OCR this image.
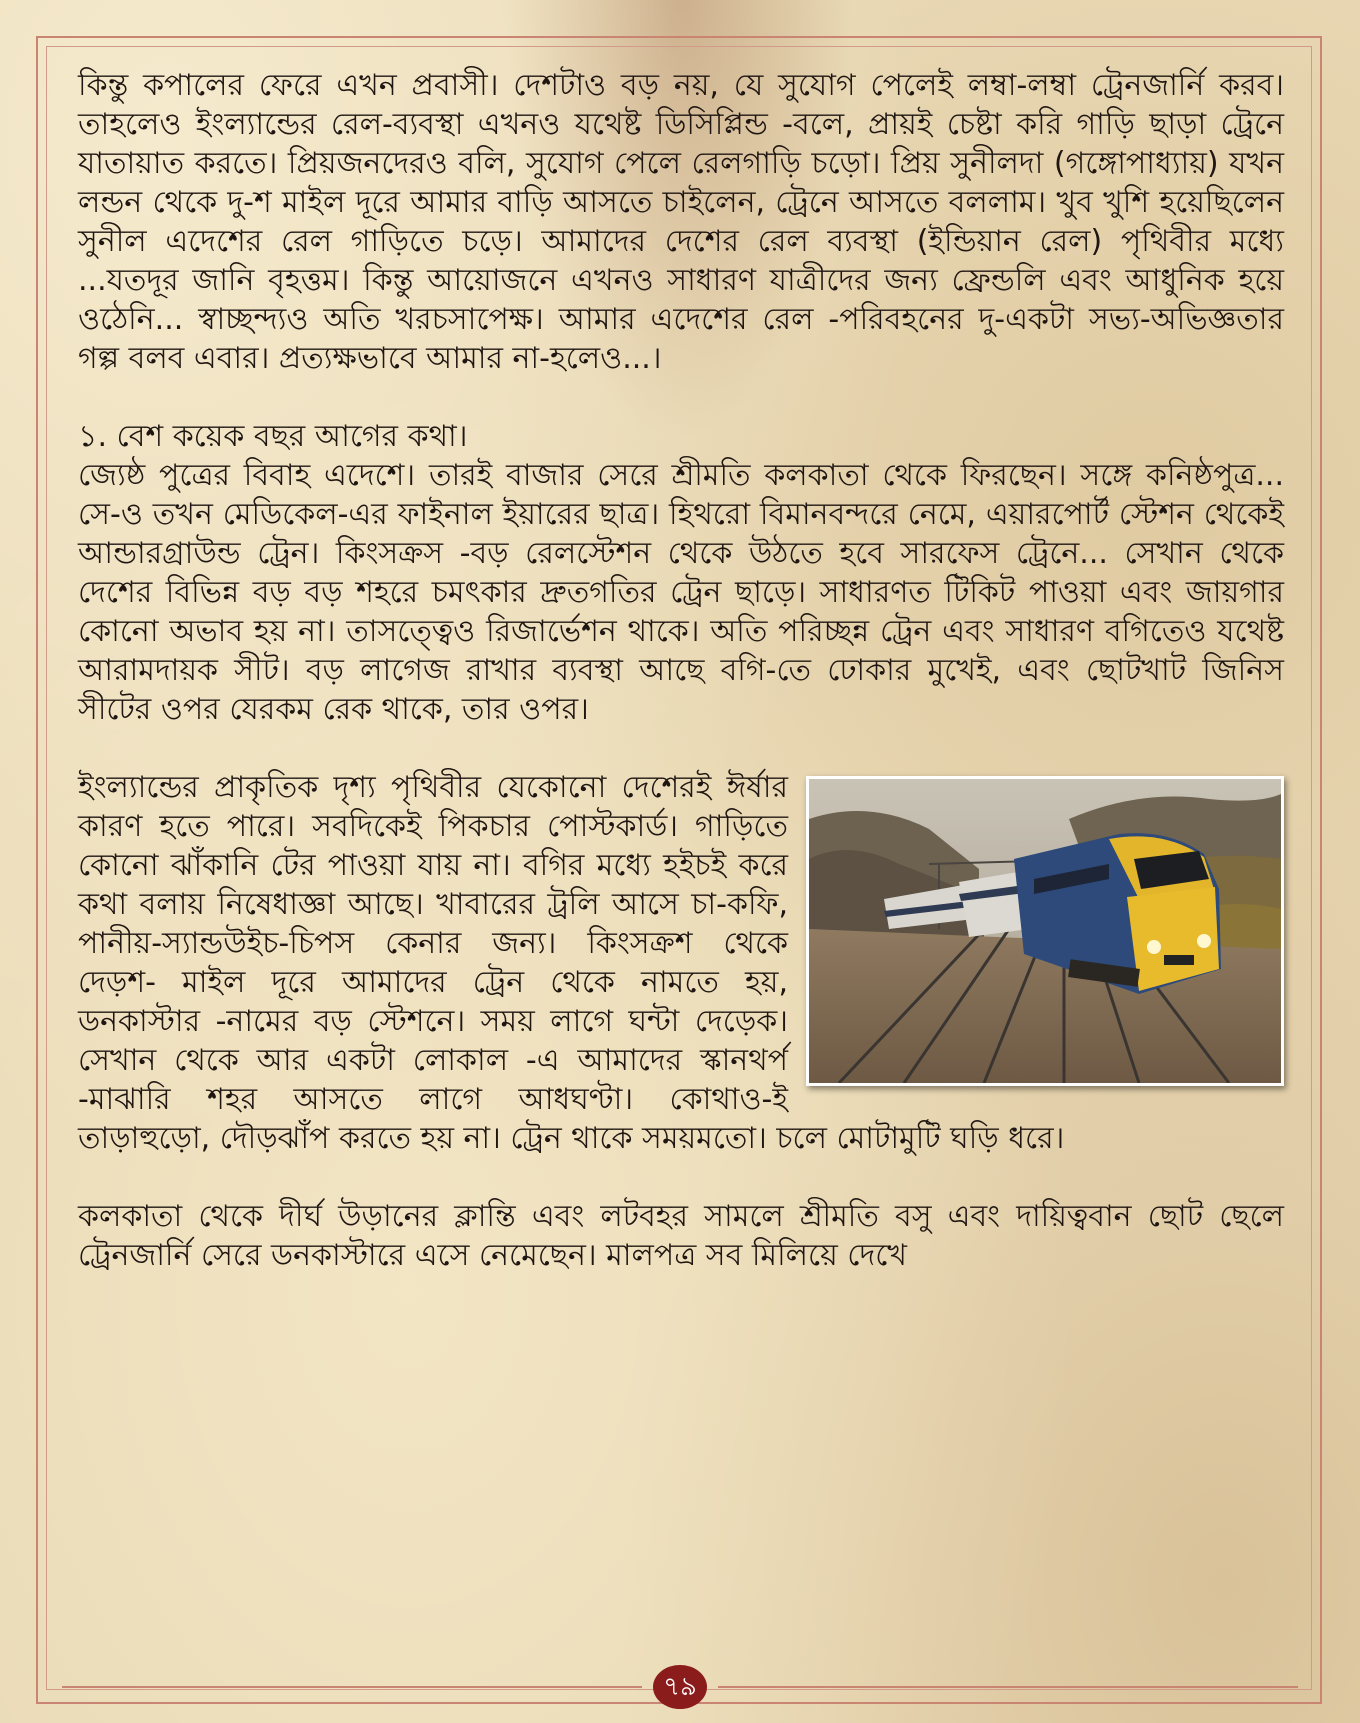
কিন্তু কপালের ফেরে এখন প্রবাসী। দেশটাও বড় নয়, যে সুযোগ পেলেই লম্বা-লম্বা ট্রেনজার্নি করব। তাহলেও ইংল্যান্ডের রেল-ব্যবস্থা এখনও যথেষ্ট ডিসিপ্লিন্ড -বলে, প্রায়ই চেষ্টা করি গাড়ি ছাড়া ট্রেনে যাতায়াত করতে। প্রিয়জনদেরও বলি, সুযোগ পেলে রেলগাড়ি চড়ো। প্রিয় সুনীলদা (গঙ্গোপাধ্যায়) যখন লন্ডন থেকে দু-শ মাইল দূরে আমার বাড়ি আসতে চাইলেন, ট্রেনে আসতে বললাম। খুব খুশি হয়েছিলেন সুনীল এদেশের রেল গাড়িতে চড়ে। আমাদের দেশের রেল ব্যবস্থা (ইন্ডিয়ান রেল) পৃথিবীর মধ্যে ...যতদূর জানি বৃহত্তম। কিন্তু আয়োজনে এখনও সাধারণ যাত্রীদের জন্য ফ্রেন্ডলি এবং আধুনিক হয়ে ওঠেনি... স্বাচ্ছন্দ্যও অতি খরচসাপেক্ষ। আমার এদেশের রেল -পরিবহনের দু-একটা সভ্য-অভিজ্ঞতার গল্প বলব এবার। প্রত্যক্ষভাবে আমার না-হলেও...।

১. বেশ কয়েক বছর আগের কথা।

জ্যেষ্ঠ পুত্রের বিবাহ এদেশে। তারই বাজার সেরে শ্রীমতি কলকাতা থেকে ফিরছেন। সঙ্গে কনিষ্ঠপুত্র... সে-ও তখন মেডিকেল-এর ফাইনাল ইয়ারের ছাত্র। হিথরো বিমানবন্দরে নেমে, এয়ারপোর্ট স্টেশন থেকেই আন্ডারগ্রাউন্ড ট্রেন। কিংসক্রস -বড় রেলস্টেশন থেকে উঠতে হবে সারফেস ট্রেনে... সেখান থেকে দেশের বিভিন্ন বড় বড় শহরে চমৎকার দ্রুতগতির ট্রেন ছাড়ে। সাধারণত টিকিট পাওয়া এবং জায়গার কোনো অভাব হয় না। তাসত্ত্বেও রিজার্ভেশন থাকে। অতি পরিচ্ছন্ন ট্রেন এবং সাধারণ বগিতেও যথেষ্ট আরামদায়ক সীট। বড় লাগেজ রাখার ব্যবস্থা আছে বগি-তে ঢোকার মুখেই, এবং ছোটখাট জিনিস সীটের ওপর যেরকম রেক থাকে, তার ওপর।

ইংল্যান্ডের প্রাকৃতিক দৃশ্য পৃথিবীর যেকোনো দেশেরই ঈর্ষার কারণ হতে পারে। সবদিকেই পিকচার পোস্টকার্ড। গাড়িতে কোনো ঝাঁকানি টের পাওয়া যায় না। বগির মধ্যে হইচই করে কথা বলায় নিষেধাজ্ঞা আছে। খাবারের ট্রলি আসে চা-কফি, পানীয়-স্যান্ডউইচ-চিপস কেনার জন্য। কিংসক্রশ থেকে দেড়শ- মাইল দূরে আমাদের ট্রেন থেকে নামতে হয়, ডনকাস্টার -নামের বড় স্টেশনে। সময় লাগে ঘন্টা দেড়েক। সেখান থেকে আর একটা লোকাল -এ আমাদের স্কানথর্প -মাঝারি শহর আসতে লাগে আধঘণ্টা। কোথাও-ই তাড়াহুড়ো, দৌড়ঝাঁপ করতে হয় না। ট্রেন থাকে সময়মতো। চলে মোটামুটি ঘড়ি ধরে।

কলকাতা থেকে দীর্ঘ উড়ানের ক্লান্তি এবং লটবহর সামলে শ্রীমতি বসু এবং দায়িত্ববান ছোট ছেলে ট্রেনজার্নি সেরে ডনকাস্টারে এসে নেমেছেন। মালপত্র সব মিলিয়ে দেখে

৭৯
